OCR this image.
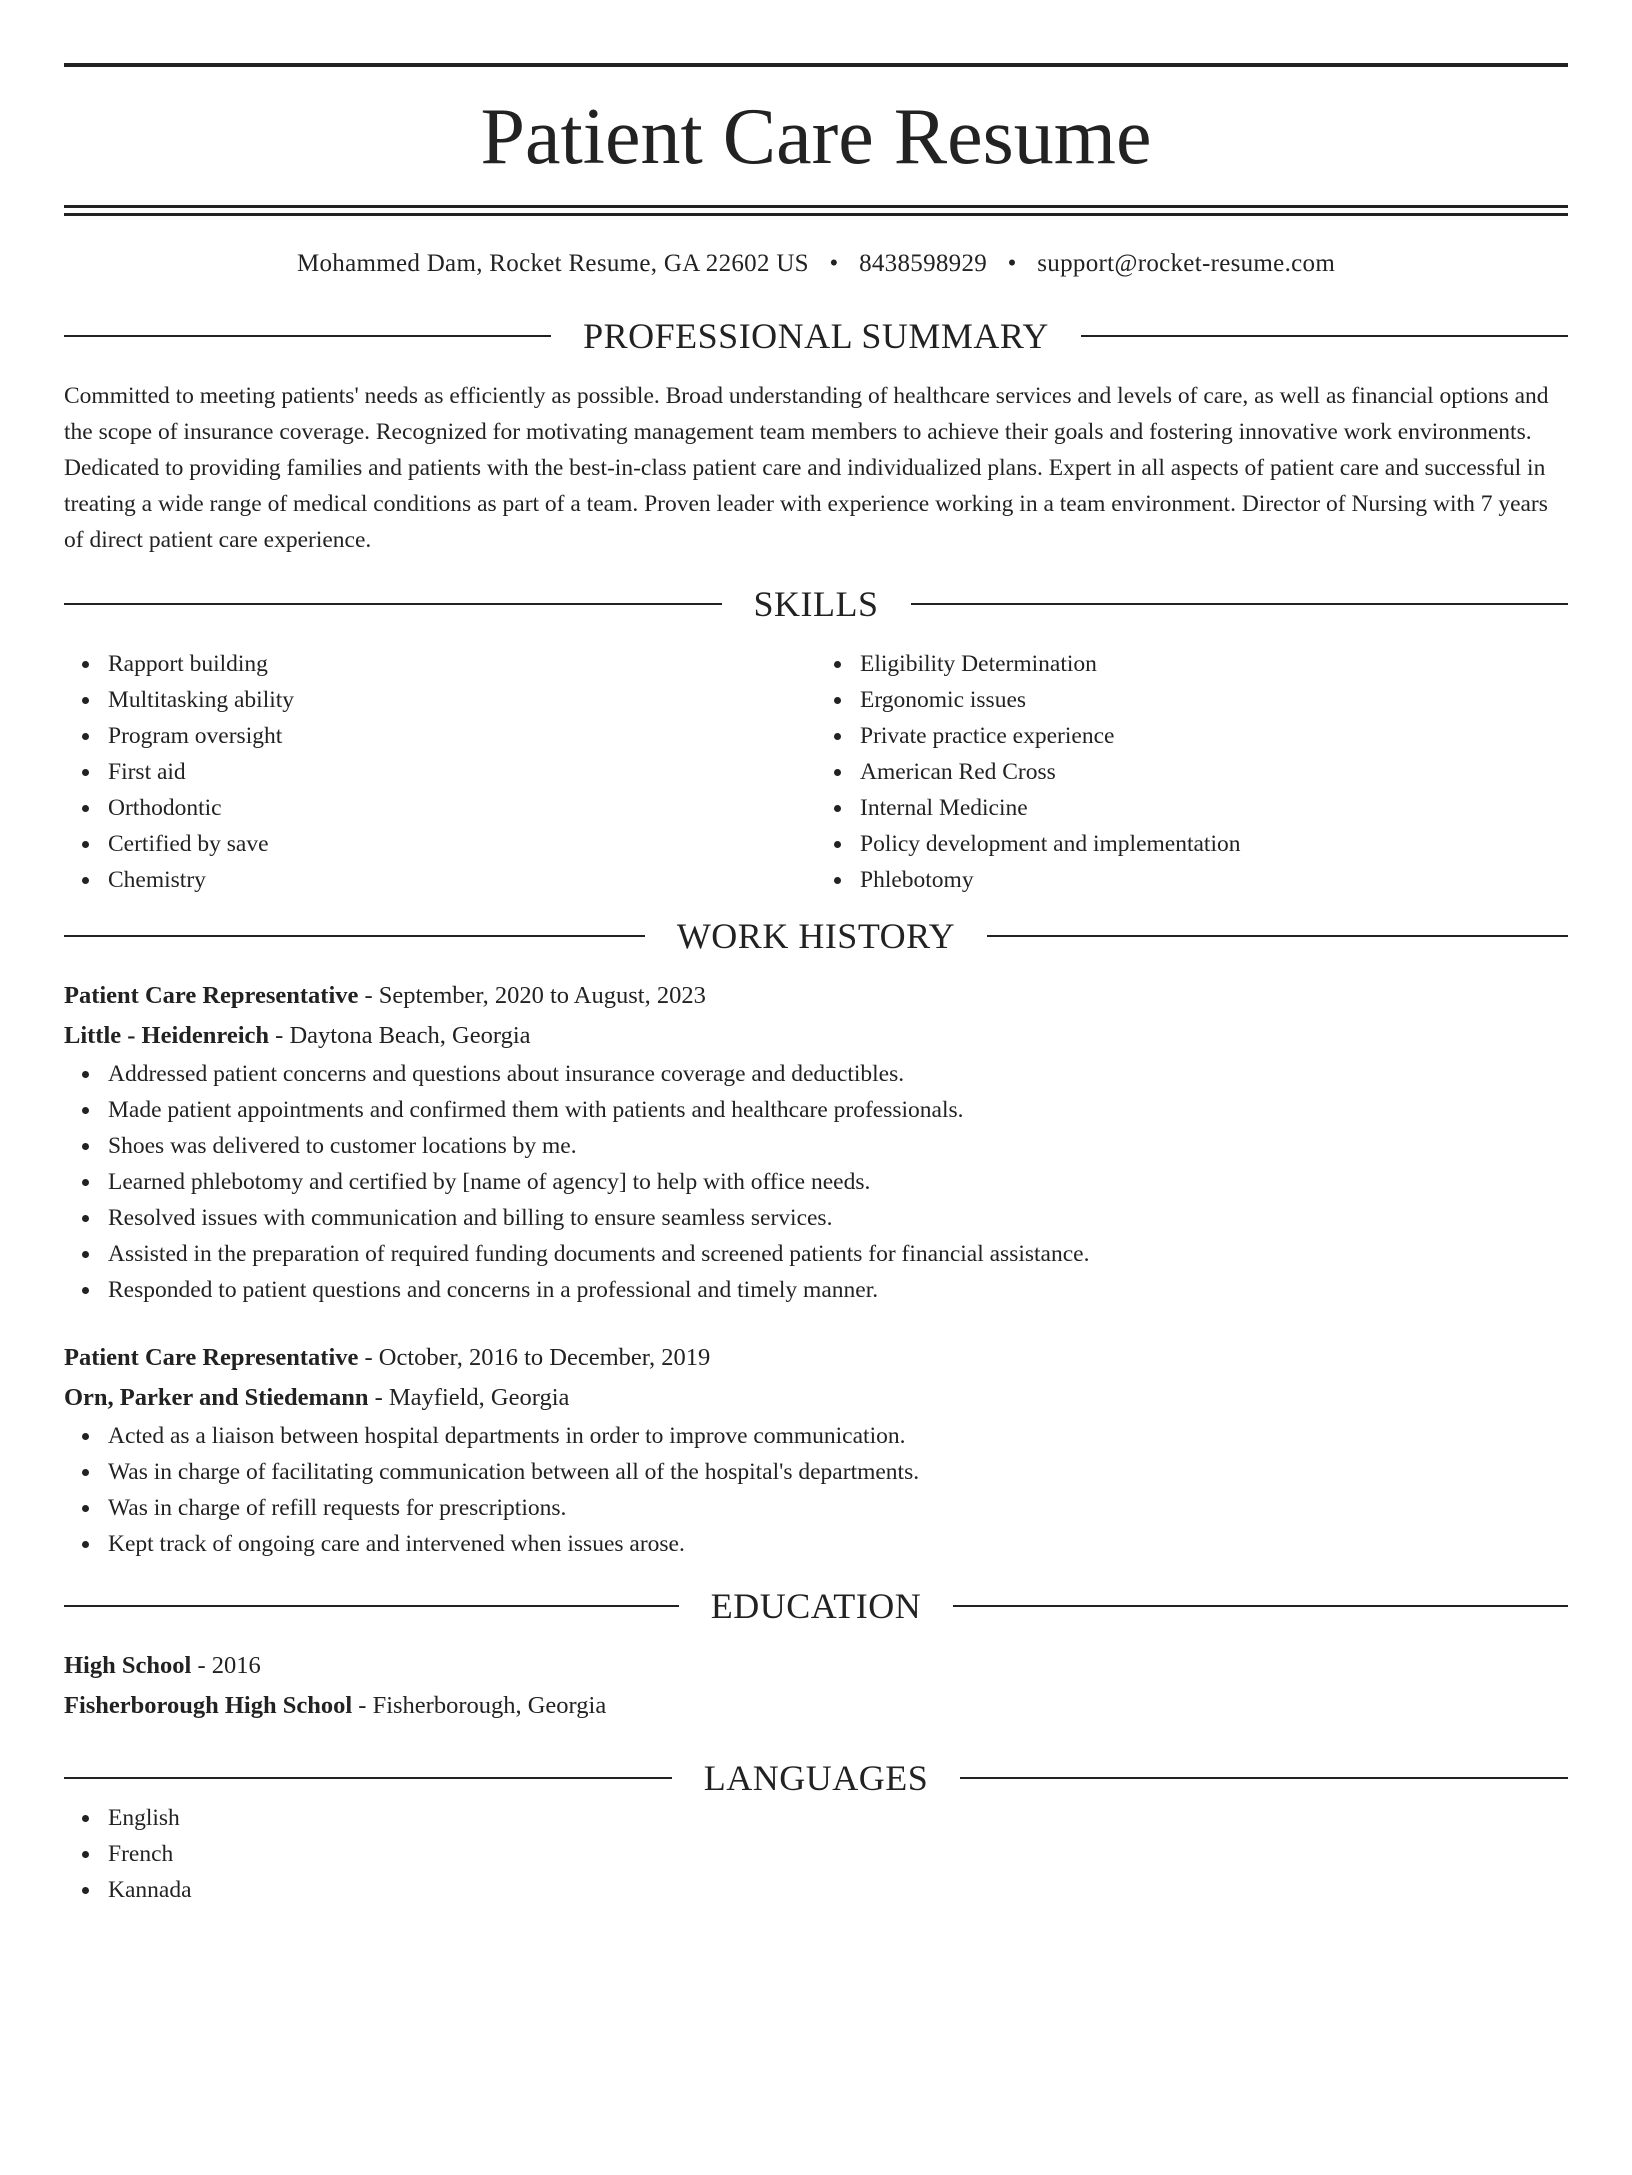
Patient Care Resume
Mohammed Dam, Rocket Resume, GA 22602 US • 8438598929 • support@rocket-resume.com
PROFESSIONAL SUMMARY

Committed to meeting patients' needs as efficiently as possible. Broad understanding of healthcare services and levels of care, as well as financial options and the scope of insurance coverage. Recognized for motivating management team members to achieve their goals and fostering innovative work environments. Dedicated to providing families and patients with the best-in-class patient care and individualized plans. Expert in all aspects of patient care and successful in treating a wide range of medical conditions as part of a team. Proven leader with experience working in a team environment. Director of Nursing with 7 years of direct patient care experience.

SKILLS
Rapport building
Multitasking ability
Program oversight
First aid
Orthodontic
Certified by save
Chemistry
Eligibility Determination
Ergonomic issues
Private practice experience
American Red Cross
Internal Medicine
Policy development and implementation
Phlebotomy
WORK HISTORY
Patient Care Representative - September, 2020 to August, 2023
Little - Heidenreich - Daytona Beach, Georgia
Addressed patient concerns and questions about insurance coverage and deductibles.
Made patient appointments and confirmed them with patients and healthcare professionals.
Shoes was delivered to customer locations by me.
Learned phlebotomy and certified by [name of agency] to help with office needs.
Resolved issues with communication and billing to ensure seamless services.
Assisted in the preparation of required funding documents and screened patients for financial assistance.
Responded to patient questions and concerns in a professional and timely manner.
Patient Care Representative - October, 2016 to December, 2019
Orn, Parker and Stiedemann - Mayfield, Georgia
Acted as a liaison between hospital departments in order to improve communication.
Was in charge of facilitating communication between all of the hospital's departments.
Was in charge of refill requests for prescriptions.
Kept track of ongoing care and intervened when issues arose.
EDUCATION
High School - 2016
Fisherborough High School - Fisherborough, Georgia
LANGUAGES
English
French
Kannada
